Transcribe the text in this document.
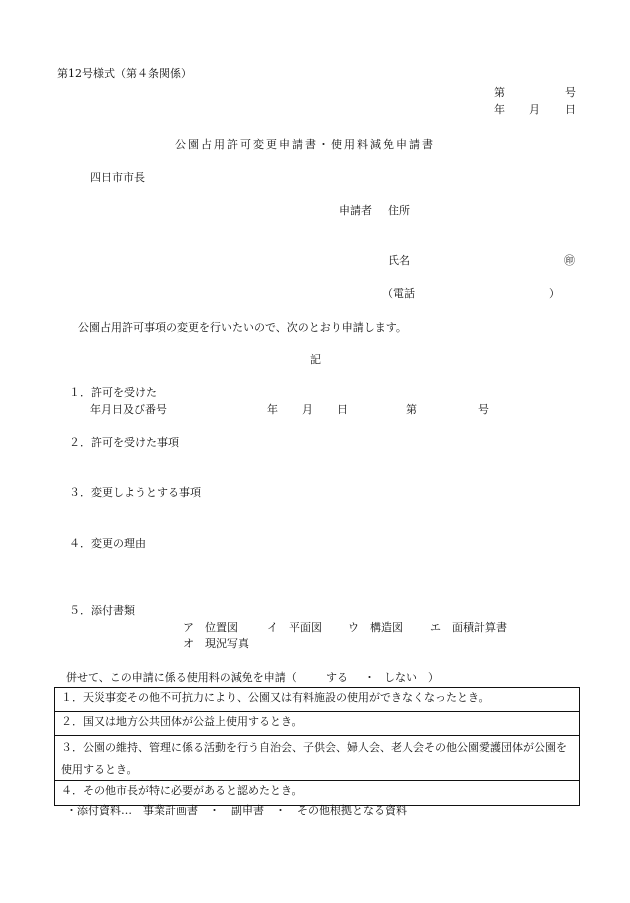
第12号様式（第４条関係）
第	号
年 月 日
公園占用許可変更申請書・使用料減免申請書
四日市市長
申請者 住所
氏名	㊞
（電話	）
公園占用許可事項の変更を行いたいので、次のとおり申請します。
記
１．許可を受けた
年月日及び番号	年 月 日	第	号
２．許可を受けた事項
３．変更しようとする事項
４．変更の理由
５．添付書類
ア　位置図	イ　平面図 ウ　構造図 エ　面積計算書
オ　現況写真
併せて、この申請に係る使用料の減免を申請（	する ・ しない ）
１．天災事変その他不可抗力により、公園又は有料施設の使用ができなくなったとき。
２．国又は地方公共団体が公益上使用するとき。
３．公園の維持、管理に係る活動を行う自治会、子供会、婦人会、老人会その他公園愛護団体が公園を使用するとき。
４．その他市長が特に必要があると認めたとき。
・添付資料…　事業計画書　・　副申書　・　その他根拠となる資料
